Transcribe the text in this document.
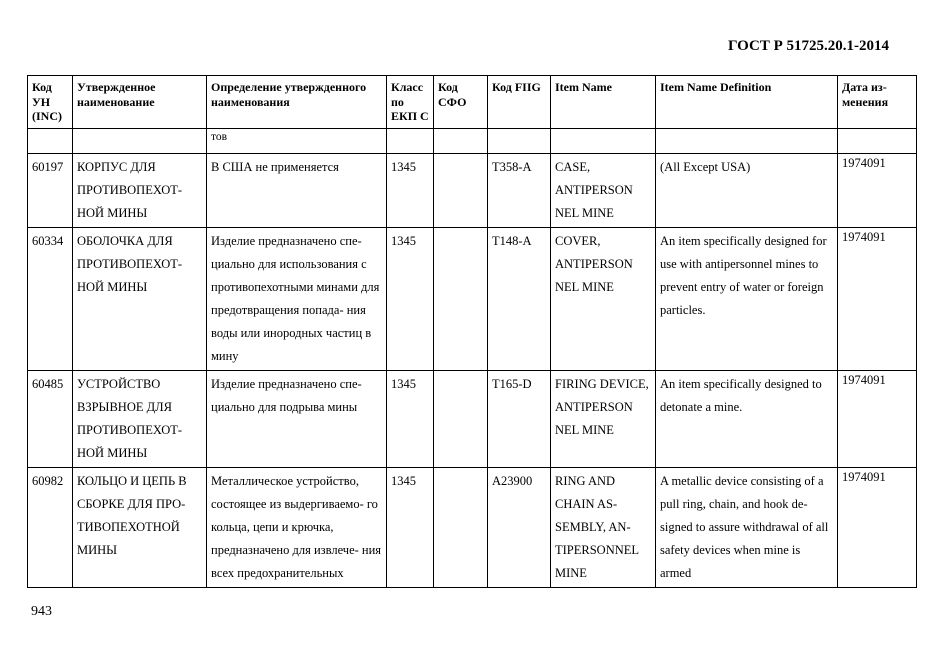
ГОСТ Р 51725.20.1-2014
Код УН (INC)	Утвержденное наименование	Определение утвержденного наименования	Класс по ЕКП С	Код СФО	Код FIIG	Item Name	Item Name Definition	Дата из- менения
		тов						
60197	КОРПУС ДЛЯ ПРОТИВОПЕХОТ- НОЙ МИНЫ	В США не применяется	1345		T358-A	CASE, ANTIPERSON NEL MINE	(All Except USA)	1974091

60334	ОБОЛОЧКА ДЛЯ ПРОТИВОПЕХОТ- НОЙ МИНЫ	Изделие предназначено спе- циально для использования с противопехотными минами для предотвращения попада- ния воды или инородных частиц в мину	1345		T148-A	COVER, ANTIPERSON NEL MINE	An item specifically designed for use with antipersonnel mines to prevent entry of water or foreign particles.	1974091

60485	УСТРОЙСТВО ВЗРЫВНОЕ ДЛЯ ПРОТИВОПЕХОТ- НОЙ МИНЫ	Изделие предназначено спе- циально для подрыва мины	1345		T165-D	FIRING DEVICE, ANTIPERSON NEL MINE	An item specifically designed to detonate a mine.	1974091

60982	КОЛЬЦО И ЦЕПЬ В СБОРКЕ ДЛЯ ПРО- ТИВОПЕХОТНОЙ МИНЫ	Металлическое устройство, состоящее из выдергиваемо- го кольца, цепи и крючка, предназначено для извлече- ния всех предохранительных	1345		A23900	RING AND CHAIN AS- SEMBLY, AN- TIPERSONNEL MINE	A metallic device consisting of a pull ring, chain, and hook de- signed to assure withdrawal of all safety devices when mine is armed	1974091
943
